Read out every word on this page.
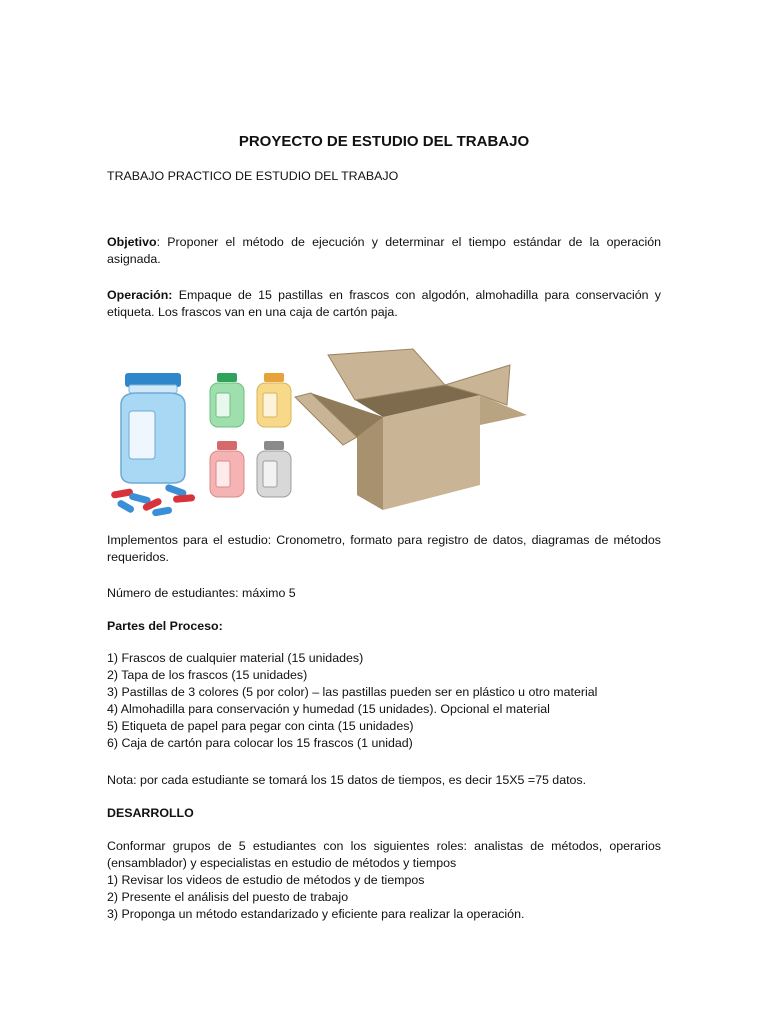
PROYECTO DE ESTUDIO DEL TRABAJO
TRABAJO PRACTICO DE ESTUDIO DEL TRABAJO

Objetivo: Proponer el método de ejecución y determinar el tiempo estándar de la operación asignada.

Operación: Empaque de 15 pastillas en frascos con algodón, almohadilla para conservación y etiqueta. Los frascos van en una caja de cartón paja.

Implementos para el estudio: Cronometro, formato para registro de datos, diagramas de métodos requeridos.

Número de estudiantes: máximo 5

Partes del Proceso:

1) Frascos de cualquier material (15 unidades)
2) Tapa de los frascos (15 unidades)
3) Pastillas de 3 colores (5 por color) – las pastillas pueden ser en plástico u otro material
4) Almohadilla para conservación y humedad (15 unidades). Opcional el material
5) Etiqueta de papel para pegar con cinta (15 unidades)
6) Caja de cartón para colocar los 15 frascos (1 unidad)

Nota: por cada estudiante se tomará los 15 datos de tiempos, es decir 15X5 =75 datos.

DESARROLLO

Conformar grupos de 5 estudiantes con los siguientes roles: analistas de métodos, operarios (ensamblador) y especialistas en estudio de métodos y tiempos

1) Revisar los videos de estudio de métodos y de tiempos
2) Presente el análisis del puesto de trabajo
3) Proponga un método estandarizado y eficiente para realizar la operación.
